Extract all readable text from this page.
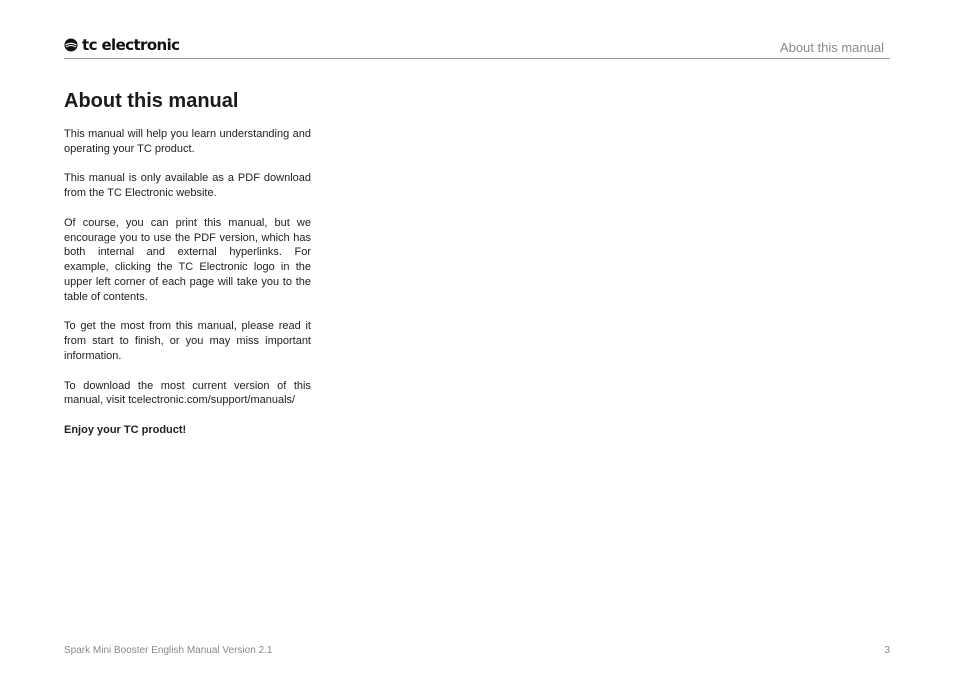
tc electronic	About this manual
About this manual

This manual will help you learn understanding and operating your TC product.

This manual is only available as a PDF download from the TC Electronic website.

Of course, you can print this manual, but we encourage you to use the PDF version, which has both internal and external hyperlinks. For example, clicking the TC Electronic logo in the upper left corner of each page will take you to the table of contents.

To get the most from this manual, please read it from start to finish, or you may miss important information.

To download the most current version of this manual, visit tcelectronic.com/support/manuals/

Enjoy your TC product!

Spark Mini Booster English Manual Version 2.1	3
